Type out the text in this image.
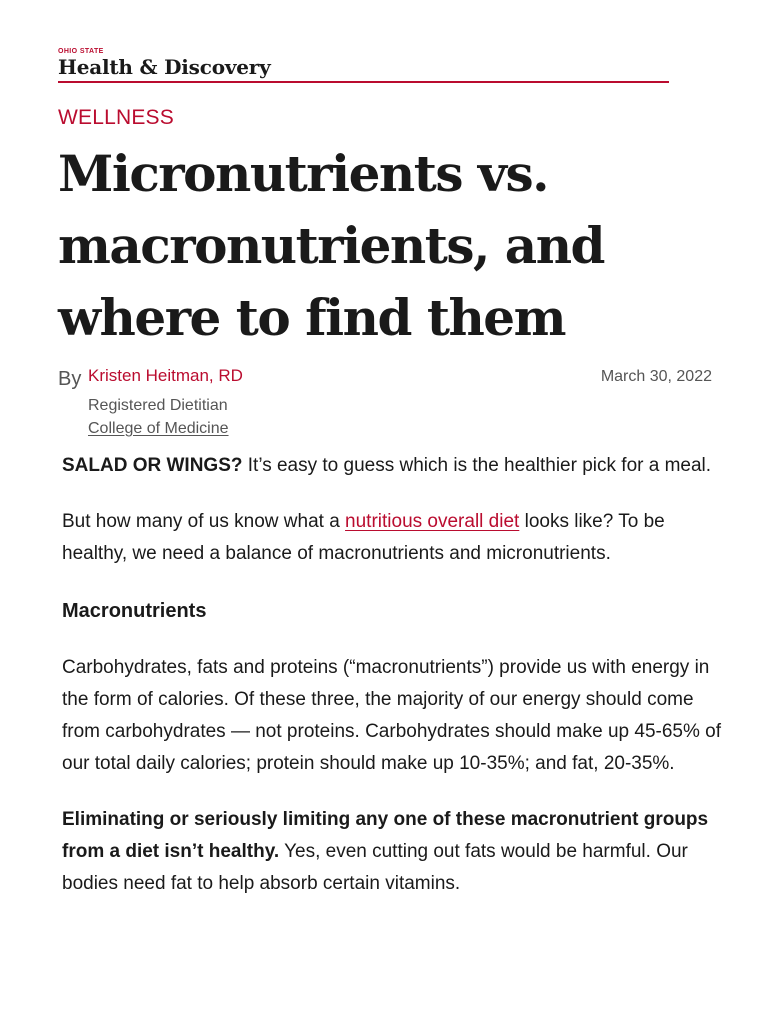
OHIO STATE
Health & Discovery
WELLNESS
Micronutrients vs. macronutrients, and where to find them
By Kristen Heitman, RD	March 30, 2022
Registered Dietitian
College of Medicine

SALAD OR WINGS? It’s easy to guess which is the healthier pick for a meal.

But how many of us know what a nutritious overall diet looks like? To be healthy, we need a balance of macronutrients and micronutrients.

Macronutrients

Carbohydrates, fats and proteins (“macronutrients”) provide us with energy in the form of calories. Of these three, the majority of our energy should come from carbohydrates — not proteins. Carbohydrates should make up 45-65% of our total daily calories; protein should make up 10-35%; and fat, 20-35%.

Eliminating or seriously limiting any one of these macronutrient groups from a diet isn’t healthy. Yes, even cutting out fats would be harmful. Our bodies need fat to help absorb certain vitamins.
